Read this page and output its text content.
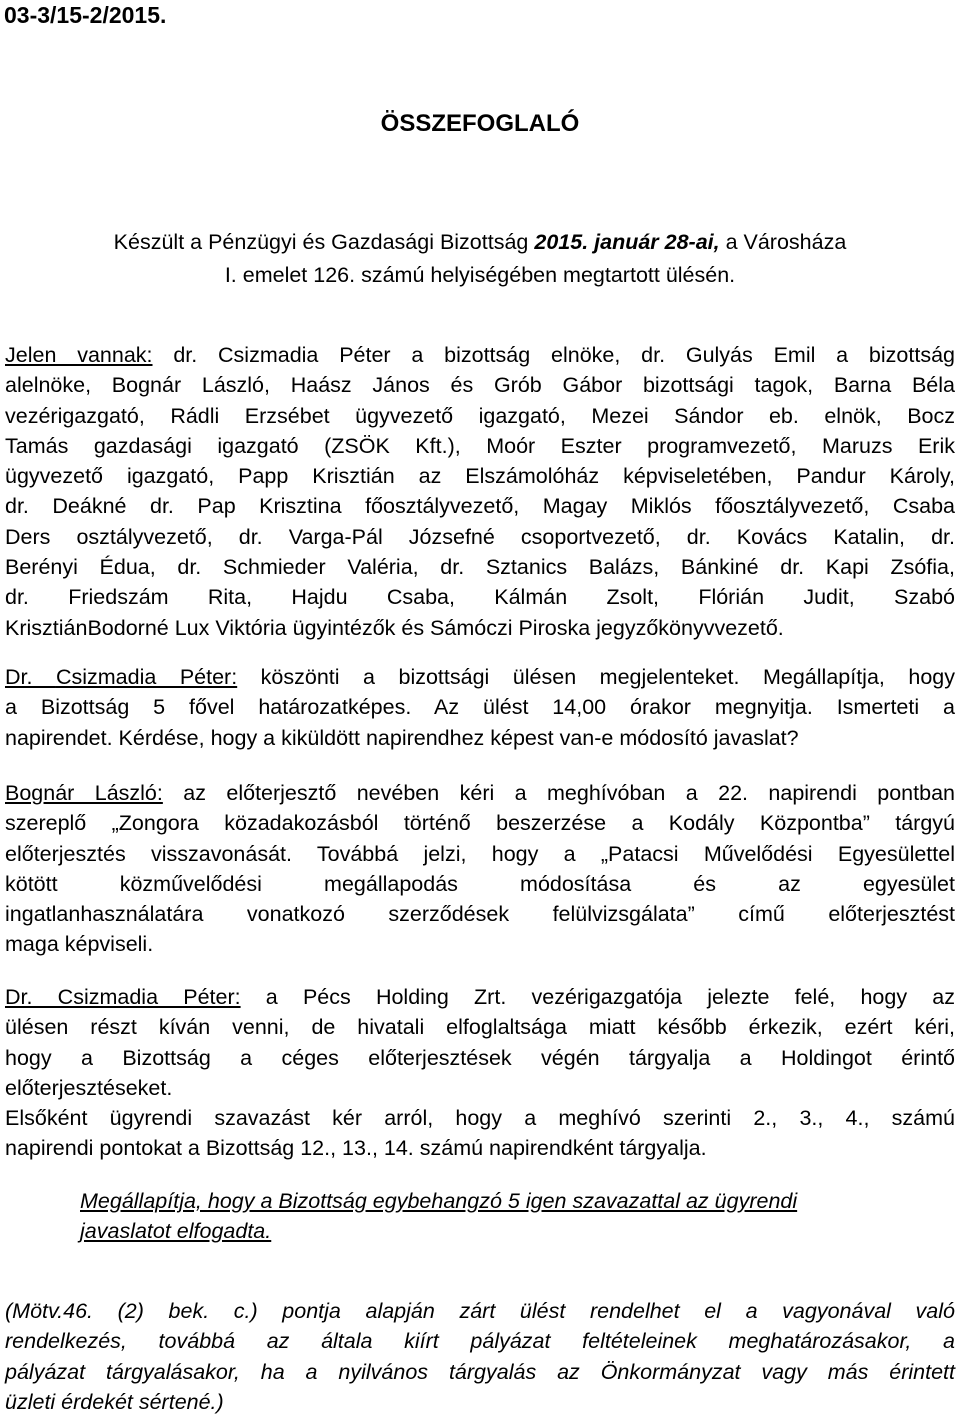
03-3/15-2/2015.
ÖSSZEFOGLALÓ
Készült a Pénzügyi és Gazdasági Bizottság 2015. január 28-ai, a Városháza
I. emelet 126. számú helyiségében megtartott ülésén.
Jelen vannak: dr. Csizmadia Péter a bizottság elnöke, dr. Gulyás Emil a bizottság
alelnöke, Bognár László, Haász János és Grób Gábor bizottsági tagok, Barna Béla
vezérigazgató, Rádli Erzsébet ügyvezető igazgató, Mezei Sándor eb. elnök, Bocz
Tamás gazdasági igazgató (ZSÖK Kft.), Moór Eszter programvezető, Maruzs Erik
ügyvezető igazgató, Papp Krisztián az Elszámolóház képviseletében, Pandur Károly,
dr. Deákné dr. Pap Krisztina főosztályvezető, Magay Miklós főosztályvezető, Csaba
Ders osztályvezető, dr. Varga-Pál Józsefné csoportvezető, dr. Kovács Katalin, dr.
Berényi Édua, dr. Schmieder Valéria, dr. Sztanics Balázs, Bánkiné dr. Kapi Zsófia,
dr. Friedszám Rita, Hajdu Csaba, Kálmán Zsolt, Flórián Judit, Szabó
KrisztiánBodorné Lux Viktória ügyintézők és Sámóczi Piroska jegyzőkönyvvezető.
Dr. Csizmadia Péter: köszönti a bizottsági ülésen megjelenteket. Megállapítja, hogy
a Bizottság 5 fővel határozatképes. Az ülést 14,00 órakor megnyitja. Ismerteti a
napirendet. Kérdése, hogy a kiküldött napirendhez képest van-e módosító javaslat?
Bognár László: az előterjesztő nevében kéri a meghívóban a 22. napirendi pontban
szereplő „Zongora közadakozásból történő beszerzése a Kodály Központba” tárgyú
előterjesztés visszavonását. Továbbá jelzi, hogy a „Patacsi Művelődési Egyesülettel
kötött közművelődési megállapodás módosítása és az egyesület
ingatlanhasználatára vonatkozó szerződések felülvizsgálata” című előterjesztést
maga képviseli.
Dr. Csizmadia Péter: a Pécs Holding Zrt. vezérigazgatója jelezte felé, hogy az
ülésen részt kíván venni, de hivatali elfoglaltsága miatt később érkezik, ezért kéri,
hogy a Bizottság a céges előterjesztések végén tárgyalja a Holdingot érintő
előterjesztéseket.
Elsőként ügyrendi szavazást kér arról, hogy a meghívó szerinti 2., 3., 4., számú
napirendi pontokat a Bizottság 12., 13., 14. számú napirendként tárgyalja.
Megállapítja, hogy a Bizottság egybehangzó 5 igen szavazattal az ügyrendi
javaslatot elfogadta.
(Mötv.46. (2) bek. c.) pontja alapján zárt ülést rendelhet el a vagyonával való
rendelkezés, továbbá az általa kiírt pályázat feltételeinek meghatározásakor, a
pályázat tárgyalásakor, ha a nyilvános tárgyalás az Önkormányzat vagy más érintett
üzleti érdekét sértené.)
